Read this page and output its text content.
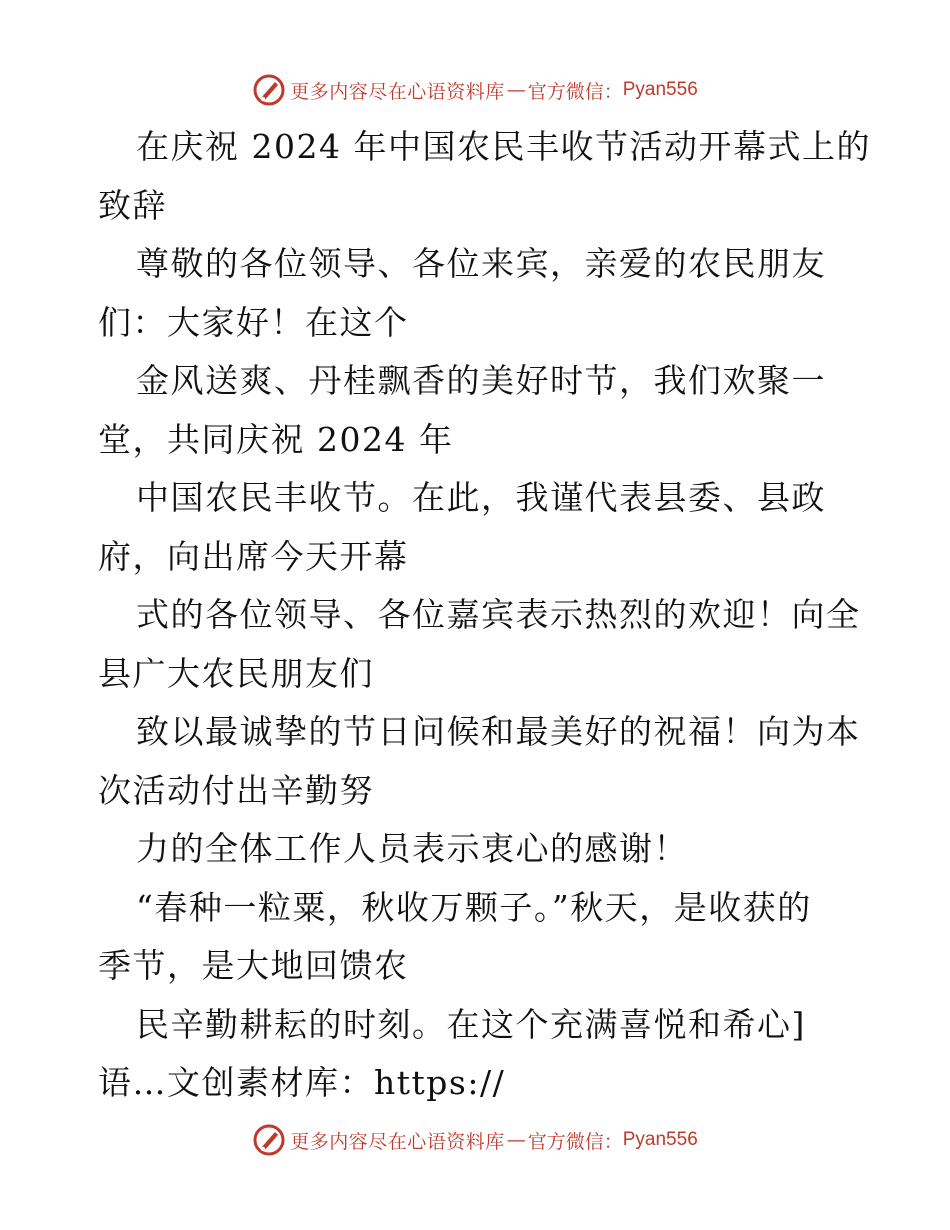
更多内容尽在心语资料库 — 官方微信： Pyan556
在庆祝 2024 年中国农民丰收节活动开幕式上的
致辞
尊敬的各位领导、各位来宾，亲爱的农民朋友
们：大家好！在这个
金风送爽、丹桂飘香的美好时节，我们欢聚一
堂，共同庆祝 2024 年
中国农民丰收节。在此，我谨代表县委、县政
府，向出席今天开幕
式的各位领导、各位嘉宾表示热烈的欢迎！向全
县广大农民朋友们
致以最诚挚的节日问候和最美好的祝福！向为本
次活动付出辛勤努
力的全体工作人员表示衷心的感谢！
“春种一粒粟，秋收万颗子。”秋天，是收获的
季节，是大地回馈农
民辛勤耕耘的时刻。在这个充满喜悦和希心]
语…文创素材库：https://
更多内容尽在心语资料库 — 官方微信： Pyan556
